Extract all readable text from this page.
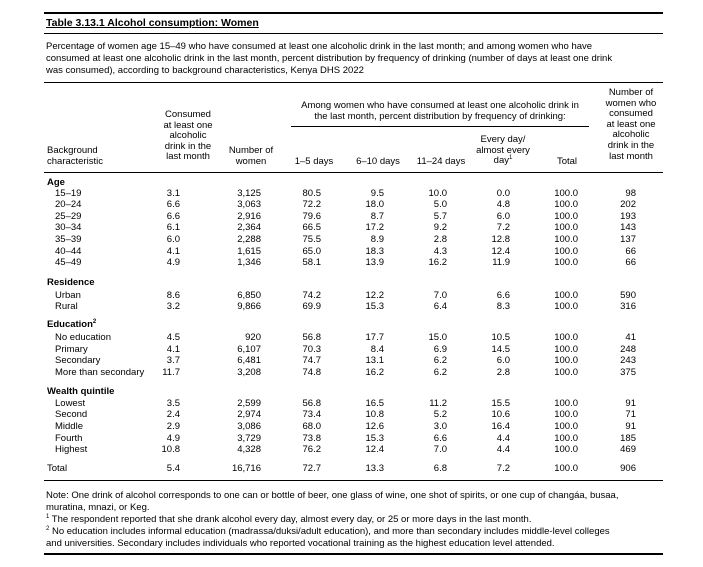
Table 3.13.1 Alcohol consumption: Women
Percentage of women age 15–49 who have consumed at least one alcoholic drink in the last month; and among women who have
consumed at least one alcoholic drink in the last month, percent distribution by frequency of drinking (number of days at least one drink
was consumed), according to background characteristics, Kenya DHS 2022
Background
characteristic
Consumed
at least one
alcoholic
drink in the
last month
Number of
women
Among women who have consumed at least one alcoholic drink in
the last month, percent distribution by frequency of drinking:
1–5 days	6–10 days	11–24 days
Every day/
almost every
day$^1$	Total
Number of
women who
consumed
at least one
alcoholic
drink in the
last month
Age
Residence
Education$^2$
Wealth quintile
15–19	3.1	3,125	80.5	9.5	10.0	0.0	100.0	98
20–24	6.6	3,063	72.2	18.0	5.0	4.8	100.0	202
25–29	6.6	2,916	79.6	8.7	5.7	6.0	100.0	193
30–34	6.1	2,364	66.5	17.2	9.2	7.2	100.0	143
35–39	6.0	2,288	75.5	8.9	2.8	12.8	100.0	137
40–44	4.1	1,615	65.0	18.3	4.3	12.4	100.0	66
45–49	4.9	1,346	58.1	13.9	16.2	11.9	100.0	66
Urban	8.6	6,850	74.2	12.2	7.0	6.6	100.0	590
Rural	3.2	9,866	69.9	15.3	6.4	8.3	100.0	316
No education	4.5	920	56.8	17.7	15.0	10.5	100.0	41
Primary	4.1	6,107	70.3	8.4	6.9	14.5	100.0	248
Secondary	3.7	6,481	74.7	13.1	6.2	6.0	100.0	243
More than secondary	11.7	3,208	74.8	16.2	6.2	2.8	100.0	375
Lowest	3.5	2,599	56.8	16.5	11.2	15.5	100.0	91
Second	2.4	2,974	73.4	10.8	5.2	10.6	100.0	71
Middle	2.9	3,086	68.0	12.6	3.0	16.4	100.0	91
Fourth	4.9	3,729	73.8	15.3	6.6	4.4	100.0	185
Highest	10.8	4,328	76.2	12.4	7.0	4.4	100.0	469
Total	5.4	16,716	72.7	13.3	6.8	7.2	100.0	906
Note: One drink of alcohol corresponds to one can or bottle of beer, one glass of wine, one shot of spirits, or one cup of changáa, busaa,
muratina, mnazi, or Keg.
$^1$ The respondent reported that she drank alcohol every day, almost every day, or 25 or more days in the last month.
$^2$ No education includes informal education (madrassa/duksi/adult education), and more than secondary includes middle-level colleges
and universities. Secondary includes individuals who reported vocational training as the highest education level attended.
